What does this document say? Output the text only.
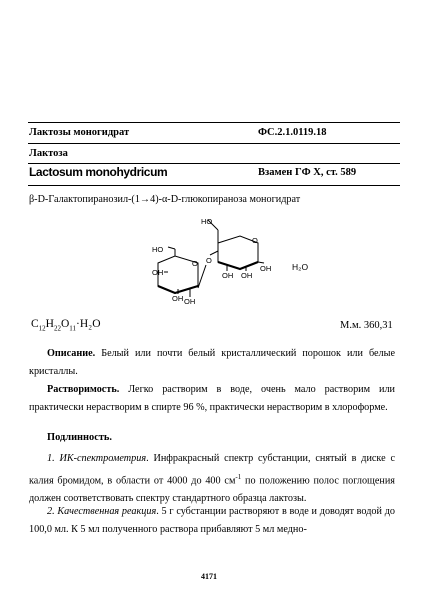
Лактозы моногидрат	ФС.2.1.0119.18
Лактоза
Lactosum monohydricum	Взамен ГФ X, ст. 589
β-D-Галактопиранозил-(1→4)-α-D-глюкопираноза моногидрат
HO
HO
O
O
O
OH OH
OH
OH
OH OH
H₂O
$C_{12}H_{22}O_{11}\cdot H_2O$	М.м. 360,31
Описание. Белый или почти белый кристаллический порошок или белые кристаллы.
Растворимость. Легко растворим в воде, очень мало растворим или практически нерастворим в спирте 96 %, практически нерастворим в хлороформе.
Подлинность.
1. ИК-спектрометрия. Инфракрасный спектр субстанции, снятый в диске с калия бромидом, в области от 4000 до 400 $см^{-1}$ по положению полос поглощения должен соответствовать спектру стандартного образца лактозы.
2. Качественная реакция. 5 г субстанции растворяют в воде и доводят водой до 100,0 мл. К 5 мл полученного раствора прибавляют 5 мл медно-
4171
